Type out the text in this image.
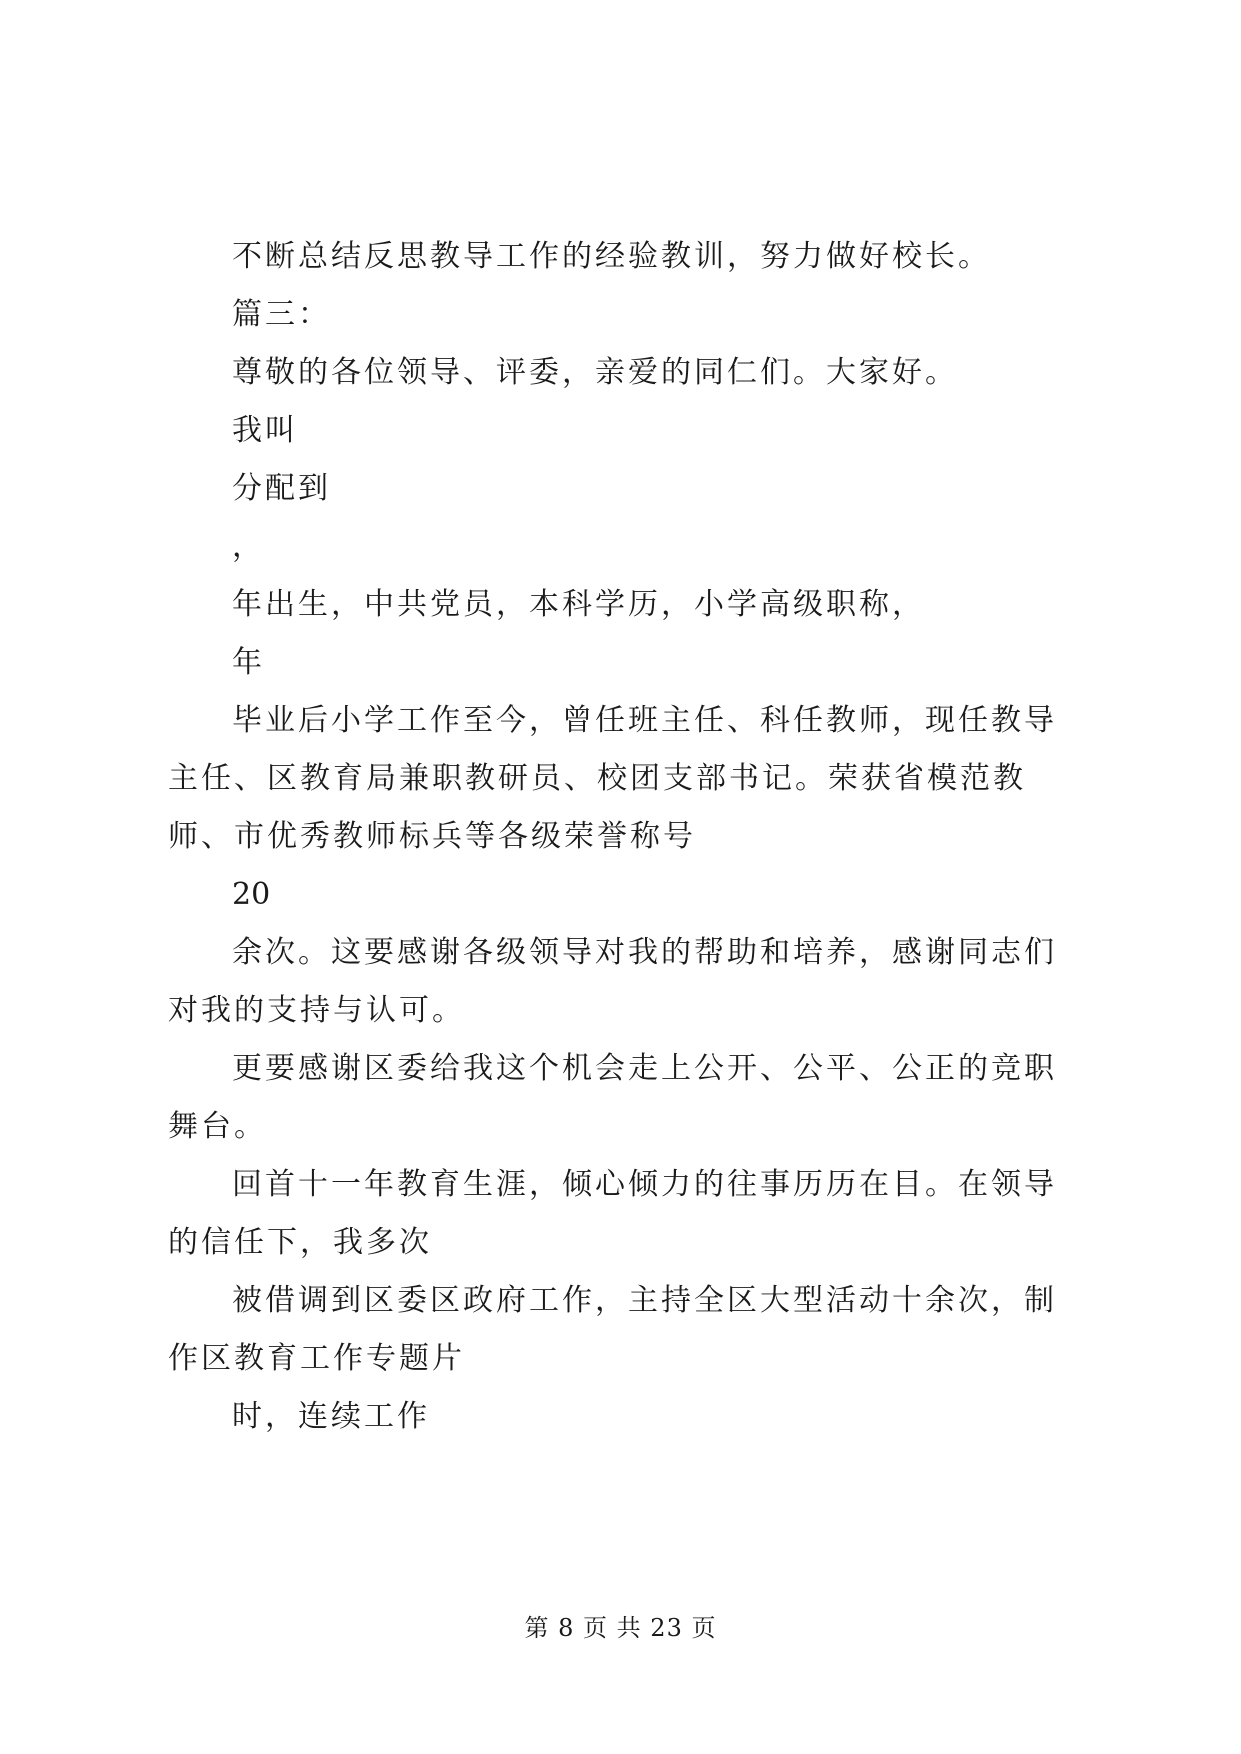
不断总结反思教导工作的经验教训，努力做好校长。

篇三：

尊敬的各位领导、评委，亲爱的同仁们。大家好。

我叫

分配到

，

年出生，中共党员，本科学历，小学高级职称，

年

毕业后小学工作至今，曾任班主任、科任教师，现任教导主任、区教育局兼职教研员、校团支部书记。荣获省模范教师、市优秀教师标兵等各级荣誉称号

20

余次。这要感谢各级领导对我的帮助和培养，感谢同志们对我的支持与认可。

更要感谢区委给我这个机会走上公开、公平、公正的竞职舞台。

回首十一年教育生涯，倾心倾力的往事历历在目。在领导的信任下，我多次

被借调到区委区政府工作，主持全区大型活动十余次，制作区教育工作专题片

时，连续工作

第 8 页 共 23 页
